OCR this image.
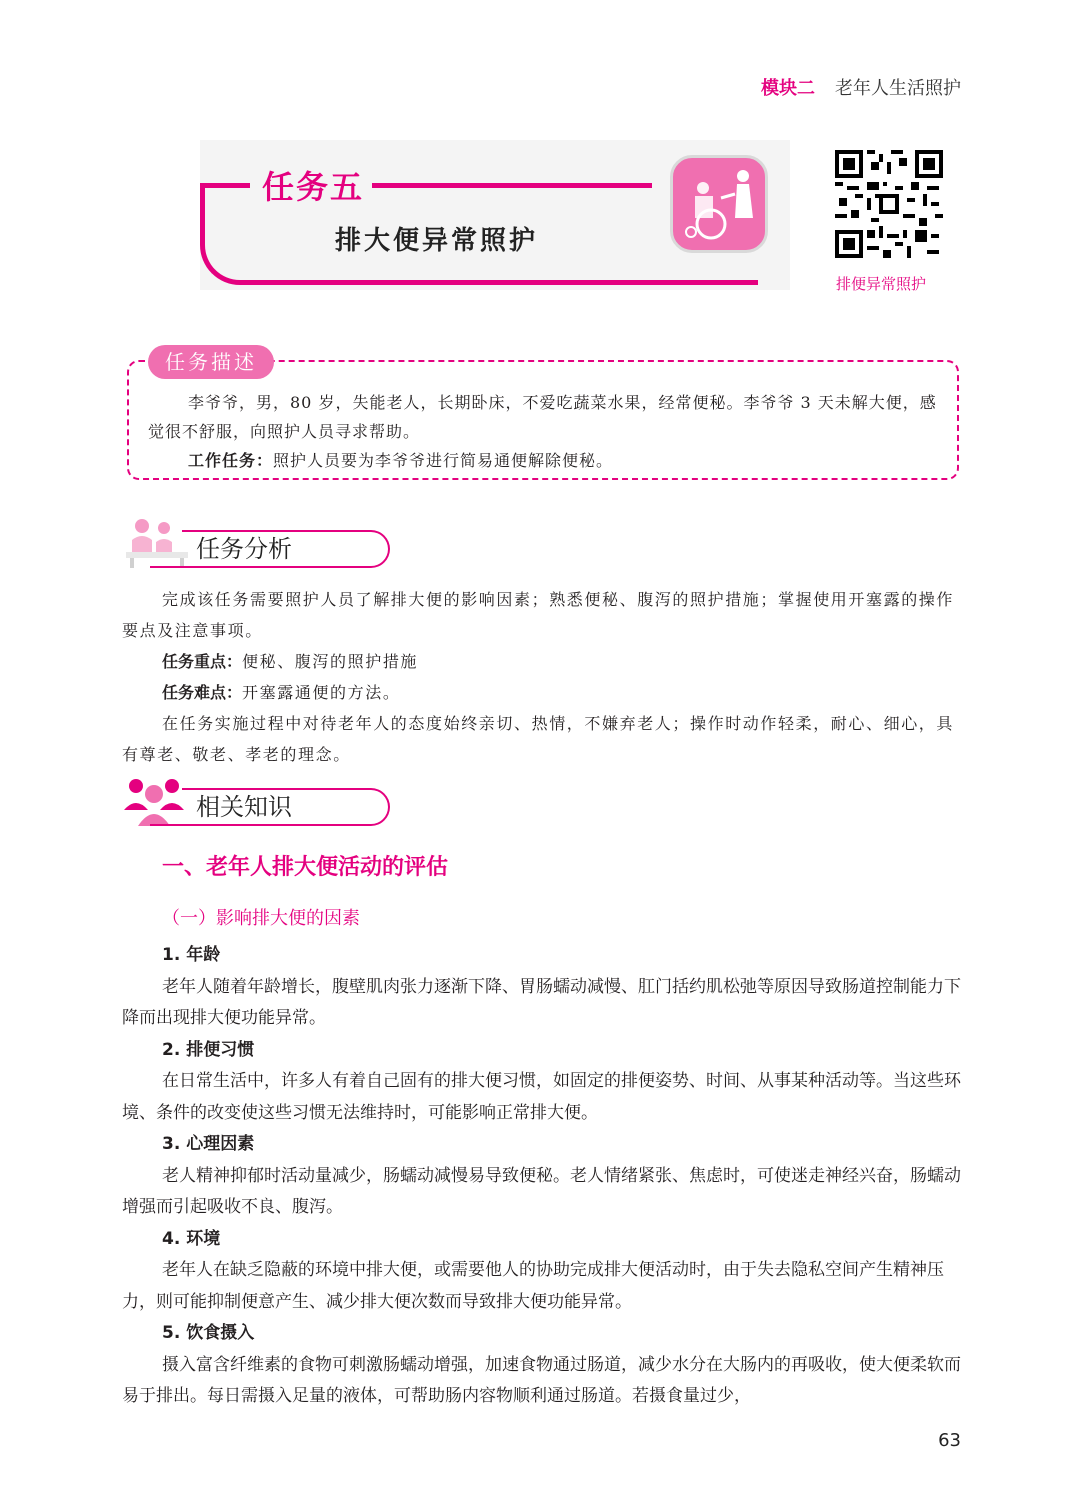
模块二 老年人生活照护
任务五
排大便异常照护
排便异常照护
任务描述

李爷爷，男，80 岁，失能老人，长期卧床，不爱吃蔬菜水果，经常便秘。李爷爷 3 天未解大便，感觉很不舒服，向照护人员寻求帮助。

工作任务：照护人员要为李爷爷进行简易通便解除便秘。

任务分析

完成该任务需要照护人员了解排大便的影响因素；熟悉便秘、腹泻的照护措施；掌握使用开塞露的操作要点及注意事项。

任务重点：便秘、腹泻的照护措施

任务难点：开塞露通便的方法。

在任务实施过程中对待老年人的态度始终亲切、热情，不嫌弃老人；操作时动作轻柔，耐心、细心，具有尊老、敬老、孝老的理念。

相关知识
一、老年人排大便活动的评估
（一）影响排大便的因素

1. 年龄

老年人随着年龄增长，腹壁肌肉张力逐渐下降、胃肠蠕动减慢、肛门括约肌松弛等原因导致肠道控制能力下降而出现排大便功能异常。

2. 排便习惯

在日常生活中，许多人有着自己固有的排大便习惯，如固定的排便姿势、时间、从事某种活动等。当这些环境、条件的改变使这些习惯无法维持时，可能影响正常排大便。

3. 心理因素

老人精神抑郁时活动量减少，肠蠕动减慢易导致便秘。老人情绪紧张、焦虑时，可使迷走神经兴奋，肠蠕动增强而引起吸收不良、腹泻。

4. 环境

老年人在缺乏隐蔽的环境中排大便，或需要他人的协助完成排大便活动时，由于失去隐私空间产生精神压力，则可能抑制便意产生、减少排大便次数而导致排大便功能异常。

5. 饮食摄入

摄入富含纤维素的食物可刺激肠蠕动增强，加速食物通过肠道，减少水分在大肠内的再吸收，使大便柔软而易于排出。每日需摄入足量的液体，可帮助肠内容物顺利通过肠道。若摄食量过少，

63
